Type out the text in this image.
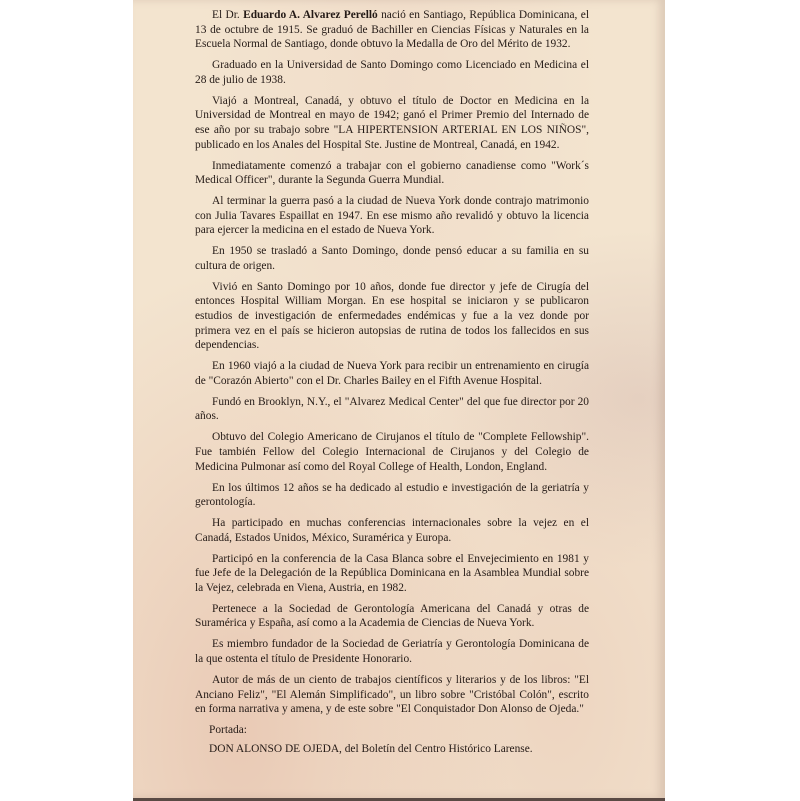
El Dr. Eduardo A. Alvarez Perelló nació en Santiago, República Dominicana, el 13 de octubre de 1915. Se graduó de Bachiller en Ciencias Físicas y Naturales en la Escuela Normal de Santiago, donde obtuvo la Medalla de Oro del Mérito de 1932.

Graduado en la Universidad de Santo Domingo como Licenciado en Medicina el 28 de julio de 1938.

Viajó a Montreal, Canadá, y obtuvo el título de Doctor en Medicina en la Universidad de Montreal en mayo de 1942; ganó el Primer Premio del Internado de ese año por su trabajo sobre "LA HIPERTENSION ARTERIAL EN LOS NIÑOS", publicado en los Anales del Hospital Ste. Justine de Montreal, Canadá, en 1942.

Inmediatamente comenzó a trabajar con el gobierno canadiense como "Work´s Medical Officer", durante la Segunda Guerra Mundial.

Al terminar la guerra pasó a la ciudad de Nueva York donde contrajo matrimonio con Julia Tavares Espaillat en 1947. En ese mismo año revalidó y obtuvo la licencia para ejercer la medicina en el estado de Nueva York.

En 1950 se trasladó a Santo Domingo, donde pensó educar a su familia en su cultura de origen.

Vivió en Santo Domingo por 10 años, donde fue director y jefe de Cirugía del entonces Hospital William Morgan. En ese hospital se iniciaron y se publicaron estudios de investigación de enfermedades endémicas y fue a la vez donde por primera vez en el país se hicieron autopsias de rutina de todos los fallecidos en sus dependencias.

En 1960 viajó a la ciudad de Nueva York para recibir un entrenamiento en cirugía de "Corazón Abierto" con el Dr. Charles Bailey en el Fifth Avenue Hospital.

Fundó en Brooklyn, N.Y., el "Alvarez Medical Center" del que fue director por 20 años.

Obtuvo del Colegio Americano de Cirujanos el título de "Complete Fellowship". Fue también Fellow del Colegio Internacional de Cirujanos y del Colegio de Medicina Pulmonar así como del Royal College of Health, London, England.

En los últimos 12 años se ha dedicado al estudio e investigación de la geriatría y gerontología.

Ha participado en muchas conferencias internacionales sobre la vejez en el Canadá, Estados Unidos, México, Suramérica y Europa.

Participó en la conferencia de la Casa Blanca sobre el Envejecimiento en 1981 y fue Jefe de la Delegación de la República Dominicana en la Asamblea Mundial sobre la Vejez, celebrada en Viena, Austria, en 1982.

Pertenece a la Sociedad de Gerontología Americana del Canadá y otras de Suramérica y España, así como a la Academia de Ciencias de Nueva York.

Es miembro fundador de la Sociedad de Geriatría y Gerontología Dominicana de la que ostenta el título de Presidente Honorario.

Autor de más de un ciento de trabajos científicos y literarios y de los libros: "El Anciano Feliz", "El Alemán Simplificado", un libro sobre "Cristóbal Colón", escrito en forma narrativa y amena, y de este sobre "El Conquistador Don Alonso de Ojeda."

Portada:

DON ALONSO DE OJEDA, del Boletín del Centro Histórico Larense.
